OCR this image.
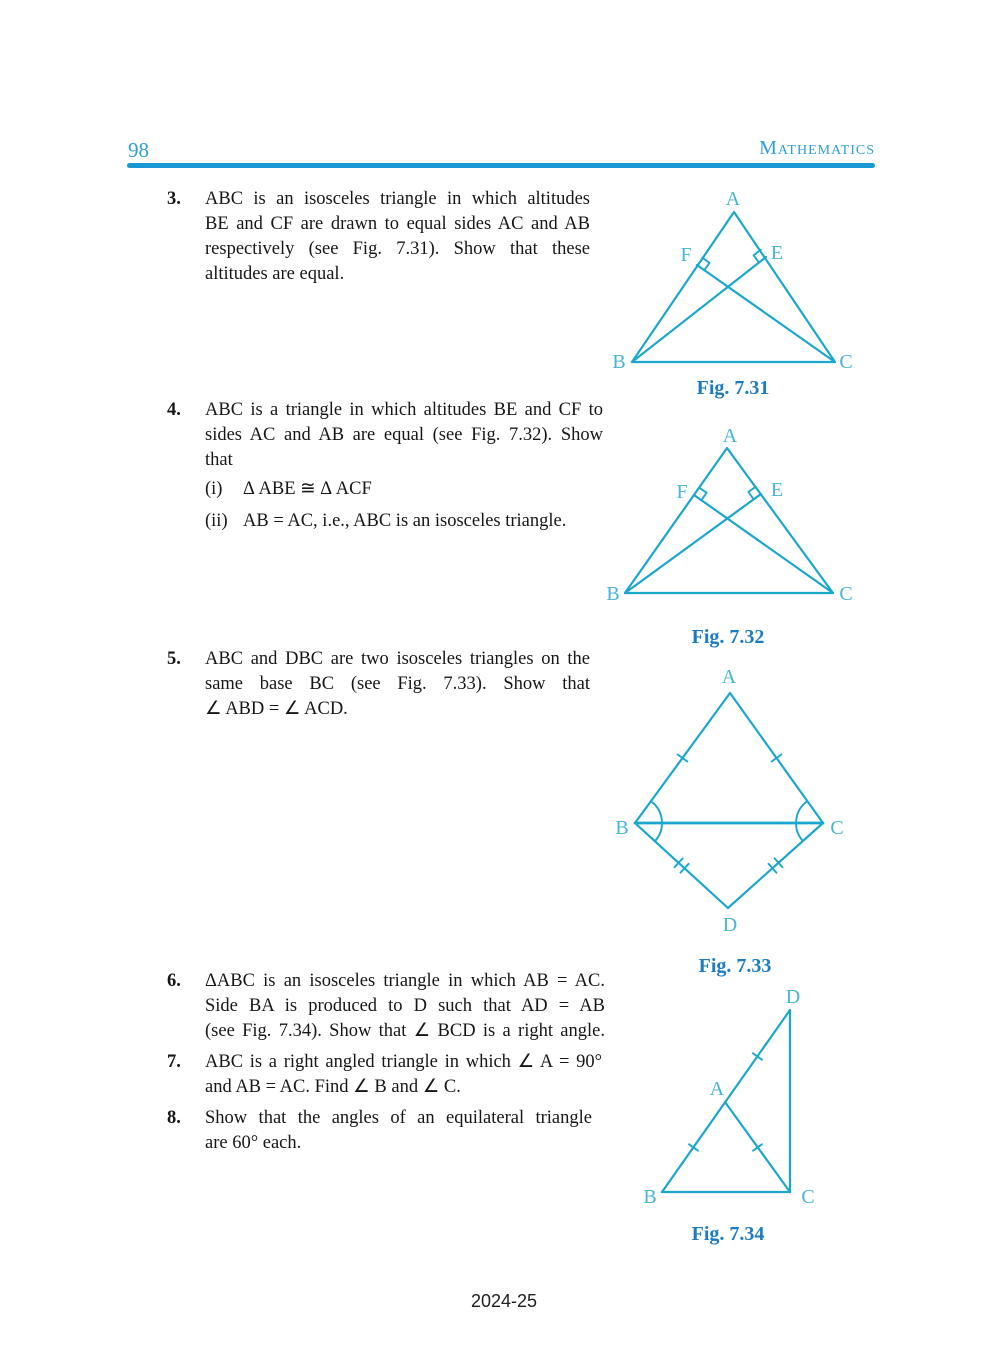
98	Mathematics
3.	ABC is an isosceles triangle in which altitudes
BE and CF are drawn to equal sides AC and AB
respectively (see Fig. 7.31). Show that these
altitudes are equal.
4.	ABC is a triangle in which altitudes BE and CF to
sides AC and AB are equal (see Fig. 7.32). Show
that
(i)	Δ ABE ≅ Δ ACF
(ii) AB = AC, i.e., ABC is an isosceles triangle.
5.	ABC and DBC are two isosceles triangles on the
same base BC (see Fig. 7.33). Show that
∠ ABD = ∠ ACD.
6.	ΔABC is an isosceles triangle in which AB = AC.
Side BA is produced to D such that AD = AB
(see Fig. 7.34). Show that ∠ BCD is a right angle.
7.	ABC is a right angled triangle in which ∠ A = 90°
and AB = AC. Find ∠ B and ∠ C.
8.	Show that the angles of an equilateral triangle
are 60° each.
A
B	C
F	E
Fig. 7.31
A
B	C
F	E
Fig. 7.32
A
B	C
D
Fig. 7.33
D
A
B	C
Fig. 7.34
2024-25
